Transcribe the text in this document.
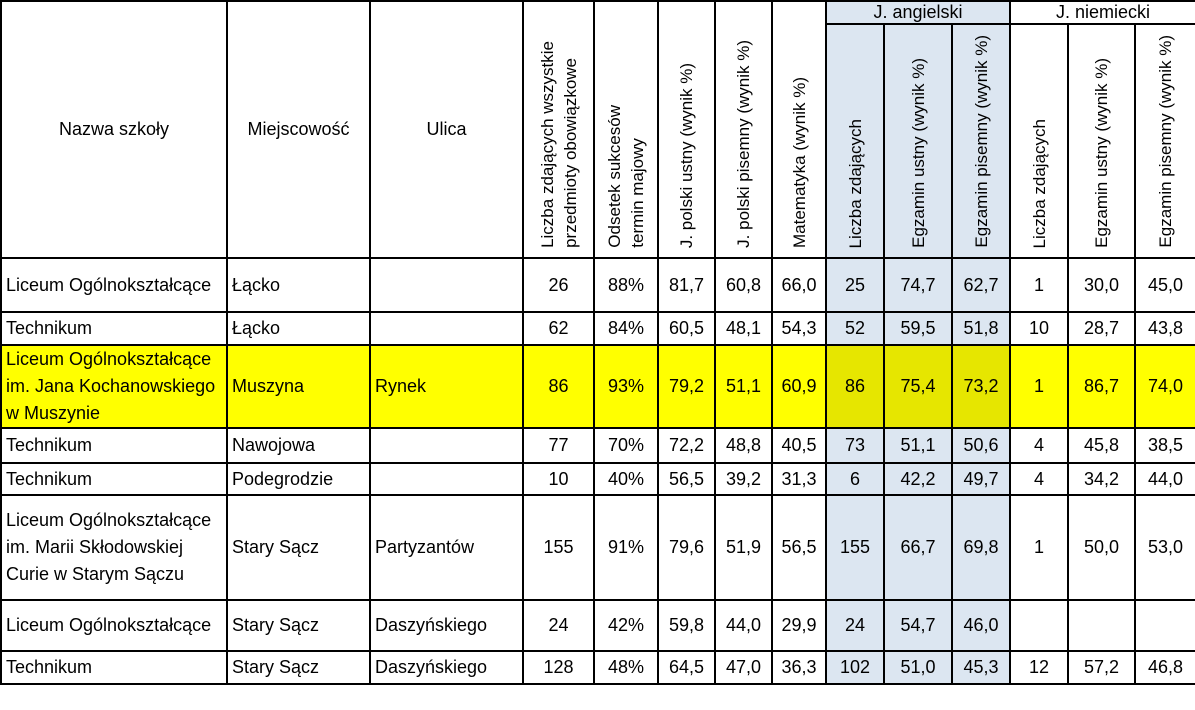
Nazwa szkoły	Miejscowość	Ulica	Liczba zdających wszystkie
przedmioty obowiązkowe	Odsetek sukcesów
termin majowy	J. polski ustny (wynik %)	J. polski pisemny (wynik %)	Matematyka (wynik %)	J. angielski			J. niemiecki		
								Liczba zdających	Egzamin ustny (wynik %)	Egzamin pisemny (wynik %)	Liczba zdających	Egzamin ustny (wynik %)	Egzamin pisemny (wynik %)
Liceum Ogólnokształcące	Łącko		26	88%	81,7	60,8	66,0	25	74,7	62,7	1	30,0	45,0
Technikum	Łącko		62	84%	60,5	48,1	54,3	52	59,5	51,8	10	28,7	43,8
Liceum Ogólnokształcące im. Jana Kochanowskiego w Muszynie	Muszyna	Rynek	86	93%	79,2	51,1	60,9	86	75,4	73,2	1	86,7	74,0
Technikum	Nawojowa		77	70%	72,2	48,8	40,5	73	51,1	50,6	4	45,8	38,5
Technikum	Podegrodzie		10	40%	56,5	39,2	31,3	6	42,2	49,7	4	34,2	44,0
Liceum Ogólnokształcące im. Marii Skłodowskiej Curie w Starym Sączu	Stary Sącz	Partyzantów	155	91%	79,6	51,9	56,5	155	66,7	69,8	1	50,0	53,0
Liceum Ogólnokształcące	Stary Sącz	Daszyńskiego	24	42%	59,8	44,0	29,9	24	54,7	46,0			
Technikum	Stary Sącz	Daszyńskiego	128	48%	64,5	47,0	36,3	102	51,0	45,3	12	57,2	46,8
